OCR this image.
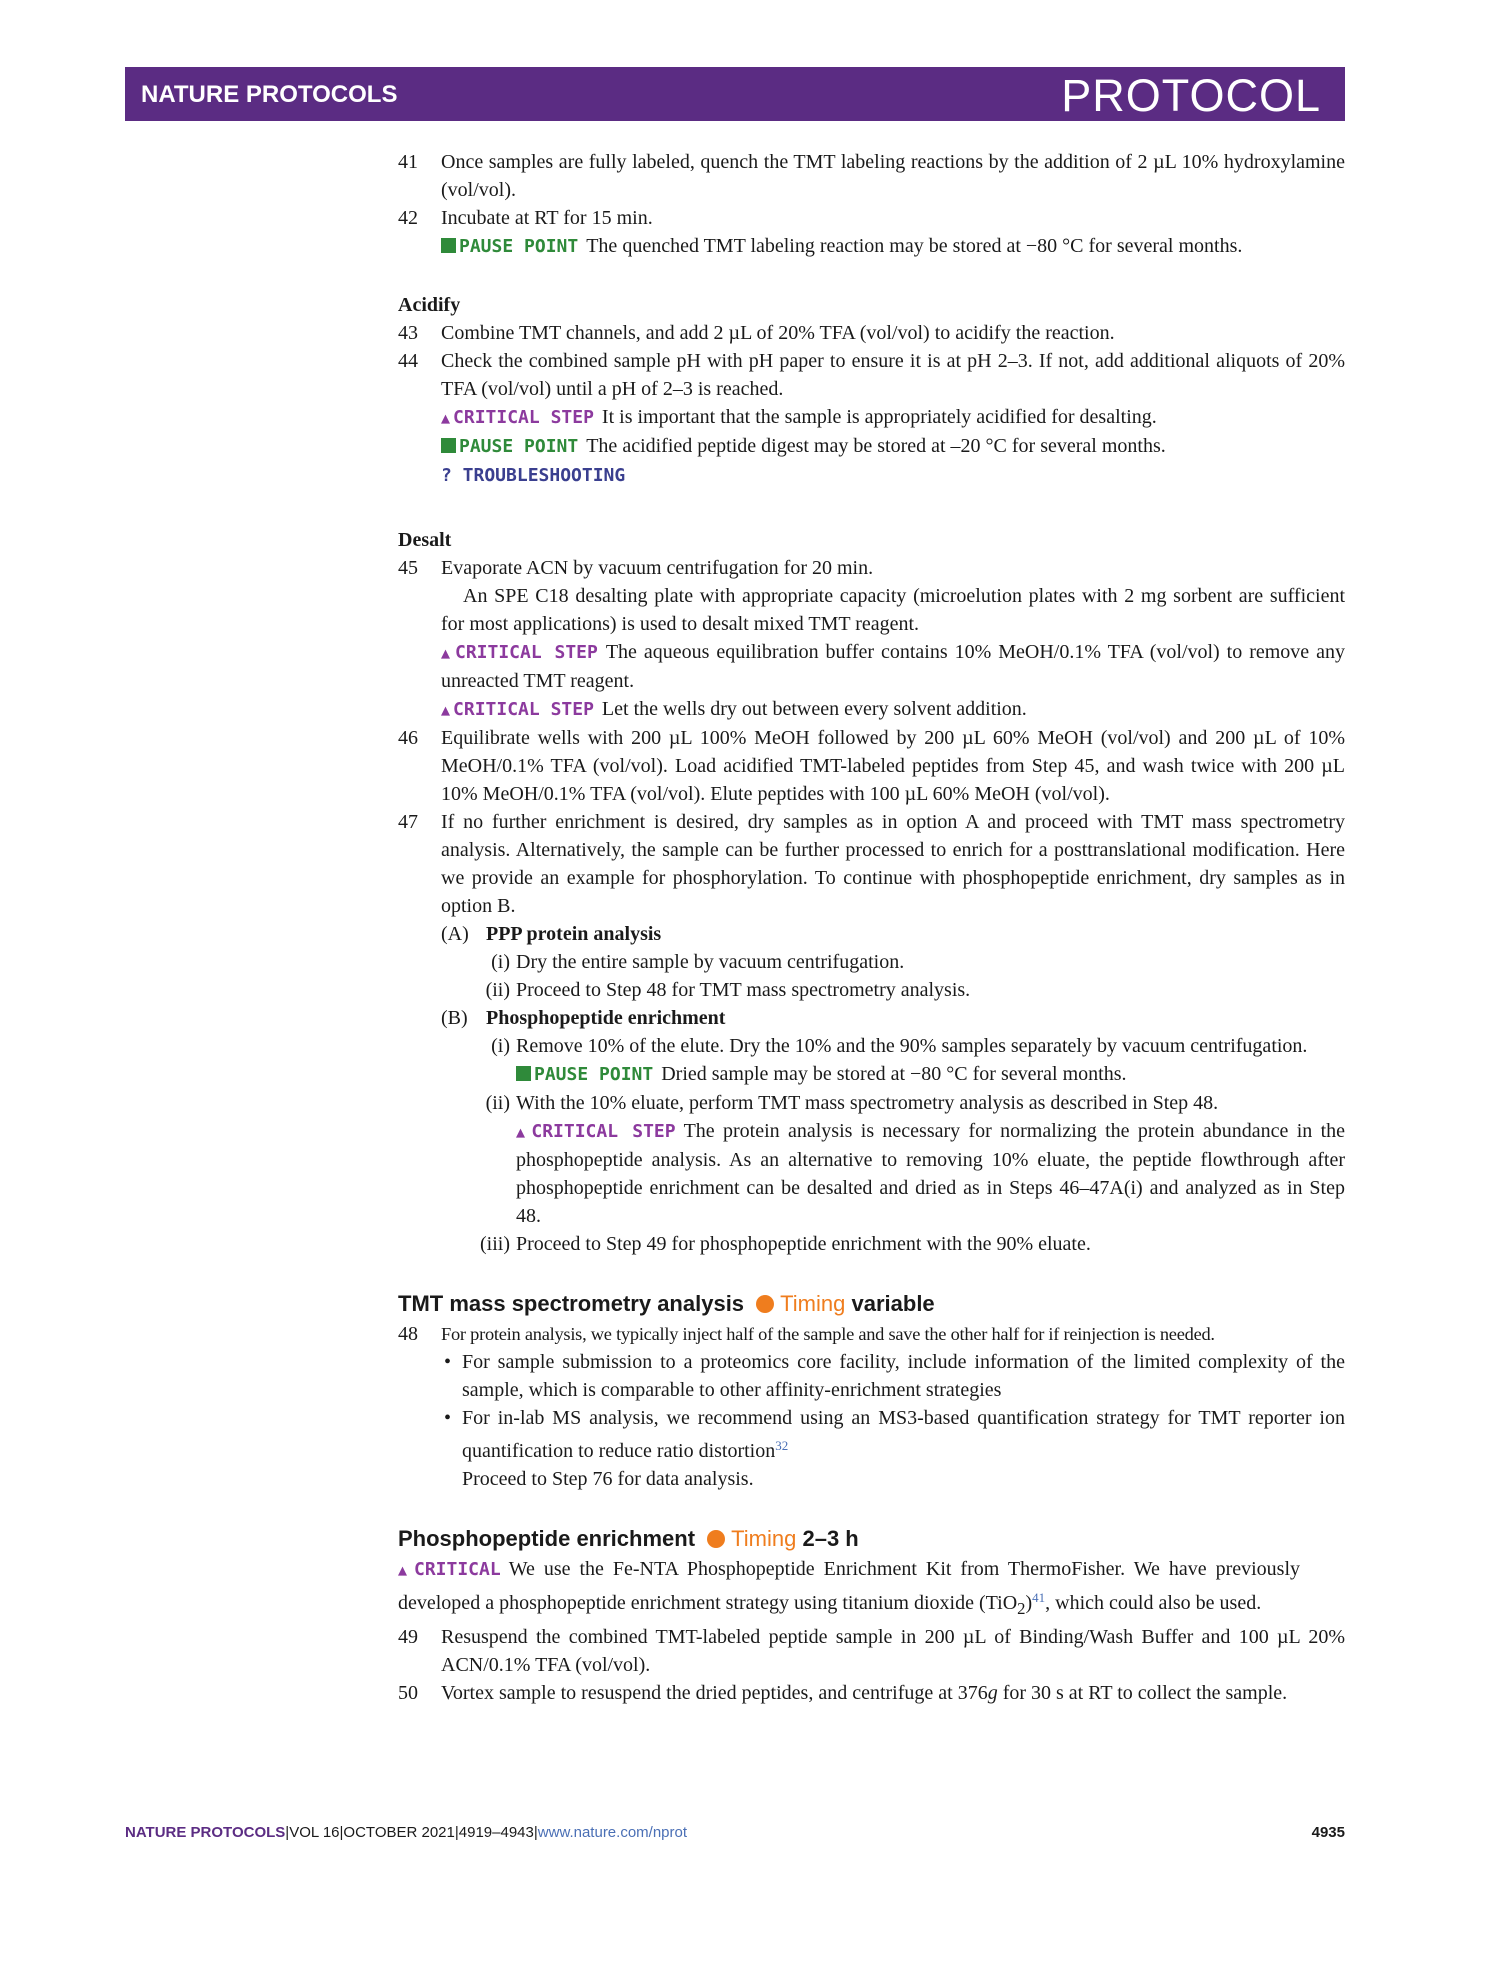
NATURE PROTOCOLS	PROTOCOL
41 Once samples are fully labeled, quench the TMT labeling reactions by the addition of 2 µL 10% hydroxylamine (vol/vol).
42 Incubate at RT for 15 min.
PAUSE POINT The quenched TMT labeling reaction may be stored at −80 °C for several months.
Acidify
43 Combine TMT channels, and add 2 µL of 20% TFA (vol/vol) to acidify the reaction.
44 Check the combined sample pH with pH paper to ensure it is at pH 2–3. If not, add additional aliquots of 20% TFA (vol/vol) until a pH of 2–3 is reached.
▲ CRITICAL STEP It is important that the sample is appropriately acidified for desalting.
PAUSE POINT The acidified peptide digest may be stored at –20 °C for several months.
? TROUBLESHOOTING
Desalt
45 Evaporate ACN by vacuum centrifugation for 20 min.
An SPE C18 desalting plate with appropriate capacity (microelution plates with 2 mg sorbent are sufficient for most applications) is used to desalt mixed TMT reagent.
▲ CRITICAL STEP The aqueous equilibration buffer contains 10% MeOH/0.1% TFA (vol/vol) to remove any unreacted TMT reagent.
▲ CRITICAL STEP Let the wells dry out between every solvent addition.
46 Equilibrate wells with 200 µL 100% MeOH followed by 200 µL 60% MeOH (vol/vol) and 200 µL of 10% MeOH/0.1% TFA (vol/vol). Load acidified TMT-labeled peptides from Step 45, and wash twice with 200 µL 10% MeOH/0.1% TFA (vol/vol). Elute peptides with 100 µL 60% MeOH (vol/vol).
47 If no further enrichment is desired, dry samples as in option A and proceed with TMT mass spectrometry analysis. Alternatively, the sample can be further processed to enrich for a posttranslational modification. Here we provide an example for phosphorylation. To continue with phosphopeptide enrichment, dry samples as in option B.
(A) PPP protein analysis
(i) Dry the entire sample by vacuum centrifugation.
(ii) Proceed to Step 48 for TMT mass spectrometry analysis.
(B) Phosphopeptide enrichment
(i) Remove 10% of the elute. Dry the 10% and the 90% samples separately by vacuum centrifugation.
PAUSE POINT Dried sample may be stored at −80 °C for several months.
(ii) With the 10% eluate, perform TMT mass spectrometry analysis as described in Step 48.
▲ CRITICAL STEP The protein analysis is necessary for normalizing the protein abundance in the phosphopeptide analysis. As an alternative to removing 10% eluate, the peptide flowthrough after phosphopeptide enrichment can be desalted and dried as in Steps 46–47A(i) and analyzed as in Step 48.
(iii) Proceed to Step 49 for phosphopeptide enrichment with the 90% eluate.
TMT mass spectrometry analysis Timing variable
48 For protein analysis, we typically inject half of the sample and save the other half for if reinjection is needed.
• For sample submission to a proteomics core facility, include information of the limited complexity of the sample, which is comparable to other affinity-enrichment strategies
• For in-lab MS analysis, we recommend using an MS3-based quantification strategy for TMT reporter ion quantification to reduce ratio distortion$^{32}$
Proceed to Step 76 for data analysis.
Phosphopeptide enrichment Timing 2–3 h
▲ CRITICAL We use the Fe-NTA Phosphopeptide Enrichment Kit from ThermoFisher. We have previously developed a phosphopeptide enrichment strategy using titanium dioxide (TiO$_2$)$^{41}$, which could also be used.
49 Resuspend the combined TMT-labeled peptide sample in 200 µL of Binding/Wash Buffer and 100 µL 20% ACN/0.1% TFA (vol/vol).
50 Vortex sample to resuspend the dried peptides, and centrifuge at 376g for 30 s at RT to collect the sample.
NATURE PROTOCOLS|VOL 16|OCTOBER 2021|4919–4943|www.nature.com/nprot	4935
